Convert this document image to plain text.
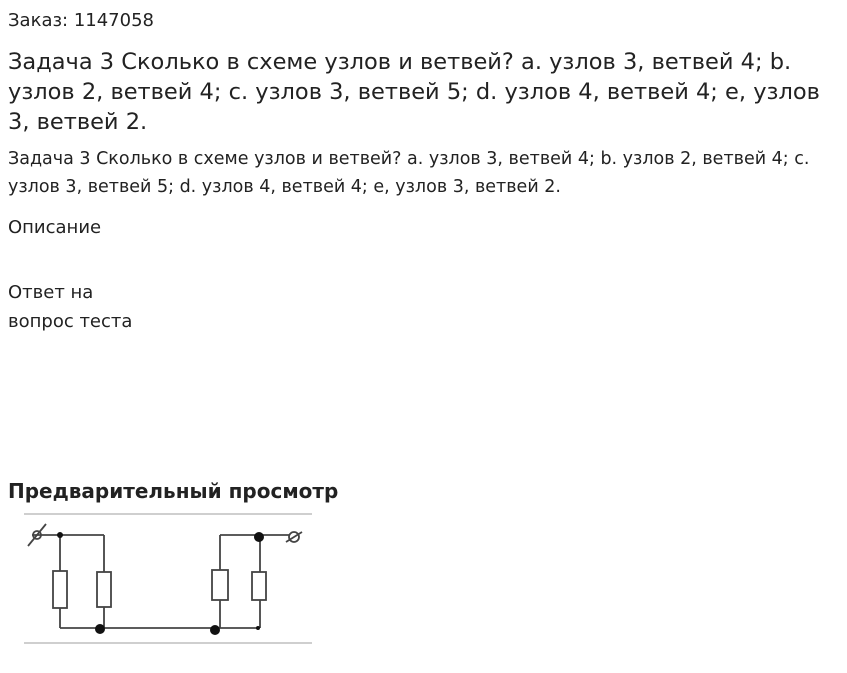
Заказ: 1147058

Задача 3 Сколько в схеме узлов и ветвей? a. узлов 3, ветвей 4; b. узлов 2, ветвей 4; c. узлов 3, ветвей 5; d. узлов 4, ветвей 4; e, узлов 3, ветвей 2.

Задача 3 Сколько в схеме узлов и ветвей? a. узлов 3, ветвей 4; b. узлов 2, ветвей 4; c. узлов 3, ветвей 5; d. узлов 4, ветвей 4; e, узлов 3, ветвей 2.

Описание

Ответ на
вопрос теста

Предварительный просмотр
